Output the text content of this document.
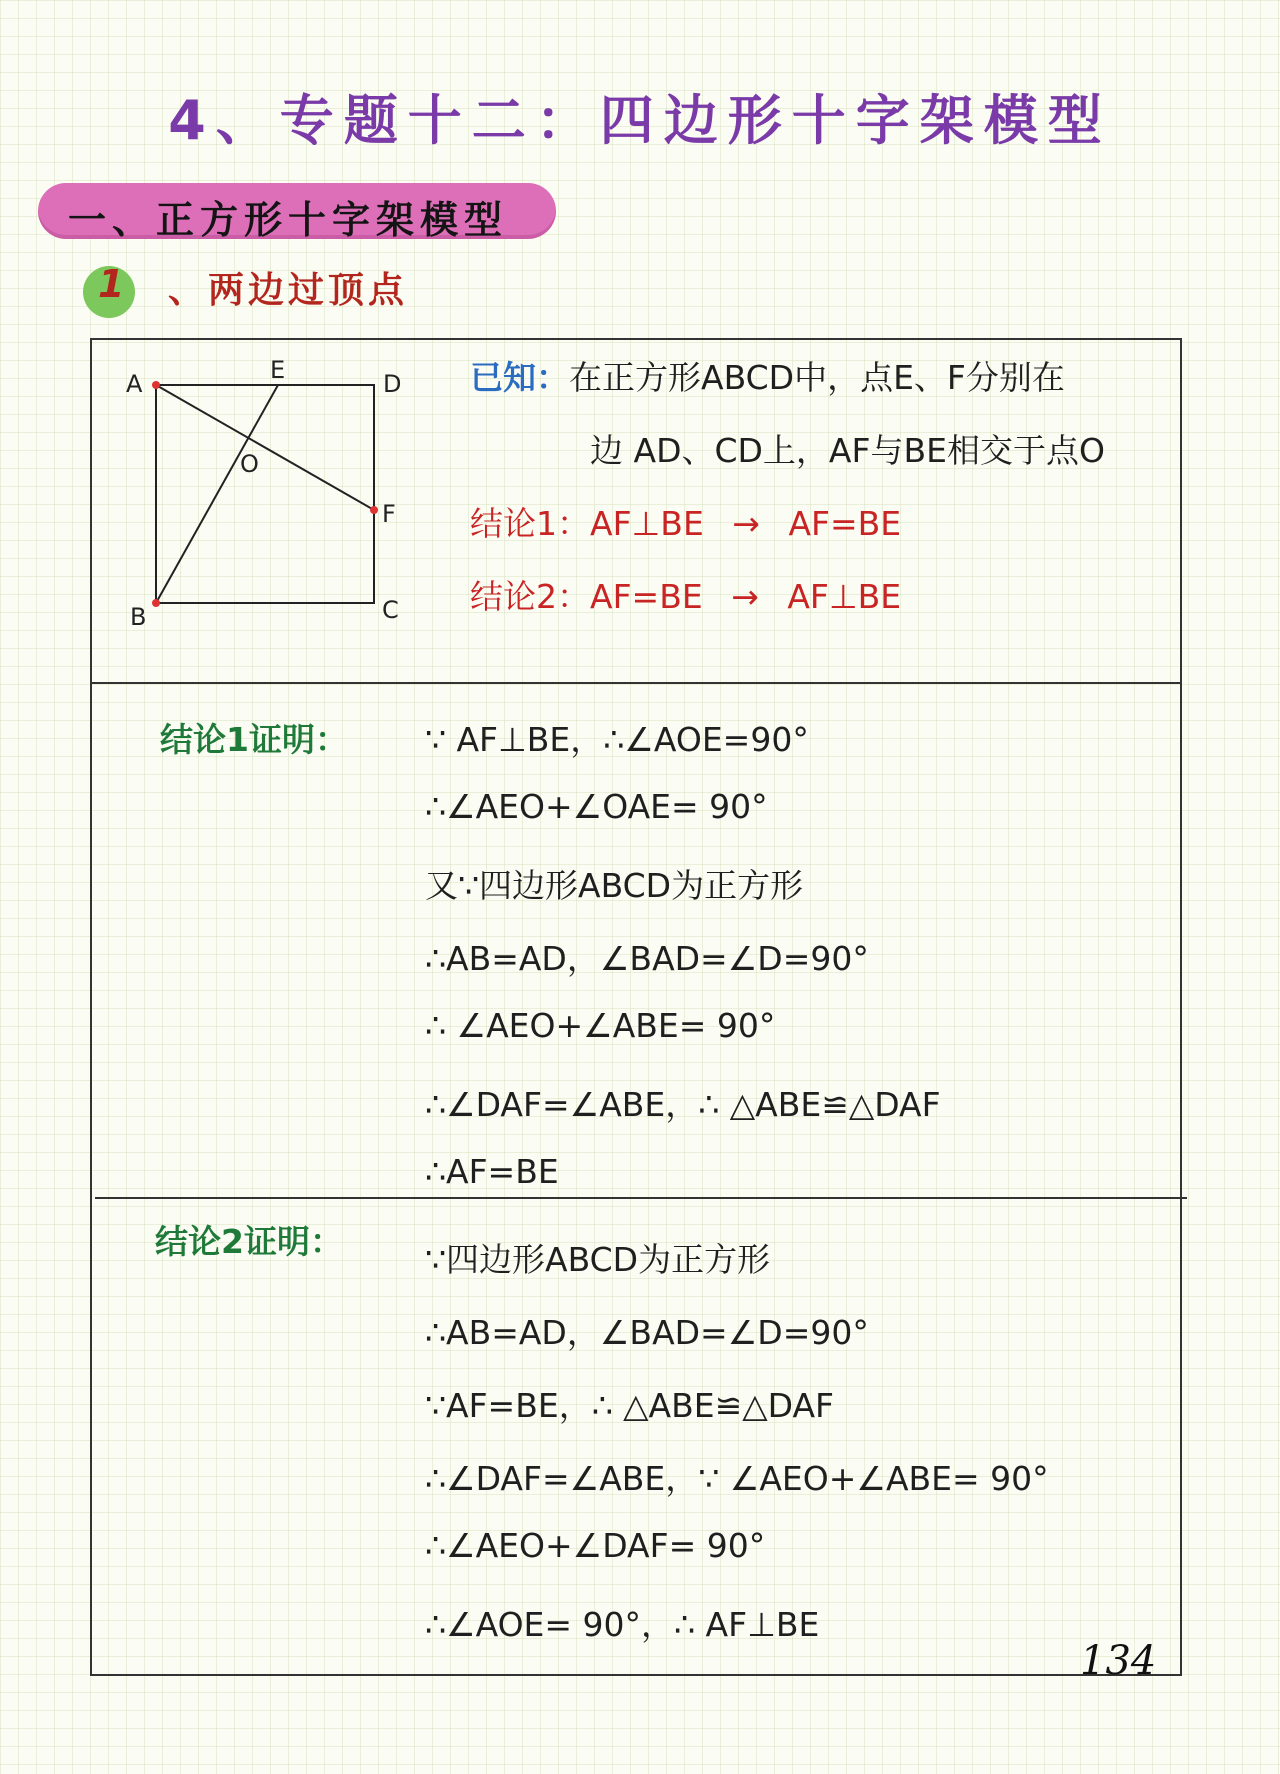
4、专题十二：四边形十字架模型
一、正方形十字架模型
1 、两边过顶点
A	E	D
O
F
B	C
已知：在正方形ABCD中，点E、F分别在
边 AD、CD上，AF与BE相交于点O
结论1：AF⊥BE → AF=BE
结论2：AF=BE → AF⊥BE
结论1证明： ∵ AF⊥BE，∴∠AOE=90°
∴∠AEO+∠OAE= 90°
又∵四边形ABCD为正方形
∴AB=AD，∠BAD=∠D=90°
∴ ∠AEO+∠ABE= 90°
∴∠DAF=∠ABE，∴ △ABE≌△DAF
∴AF=BE
结论2证明： ∵四边形ABCD为正方形
∴AB=AD，∠BAD=∠D=90°
∵AF=BE，∴ △ABE≌△DAF
∴∠DAF=∠ABE，∵ ∠AEO+∠ABE= 90°
∴∠AEO+∠DAF= 90°
∴∠AOE= 90°，∴ AF⊥BE
134
